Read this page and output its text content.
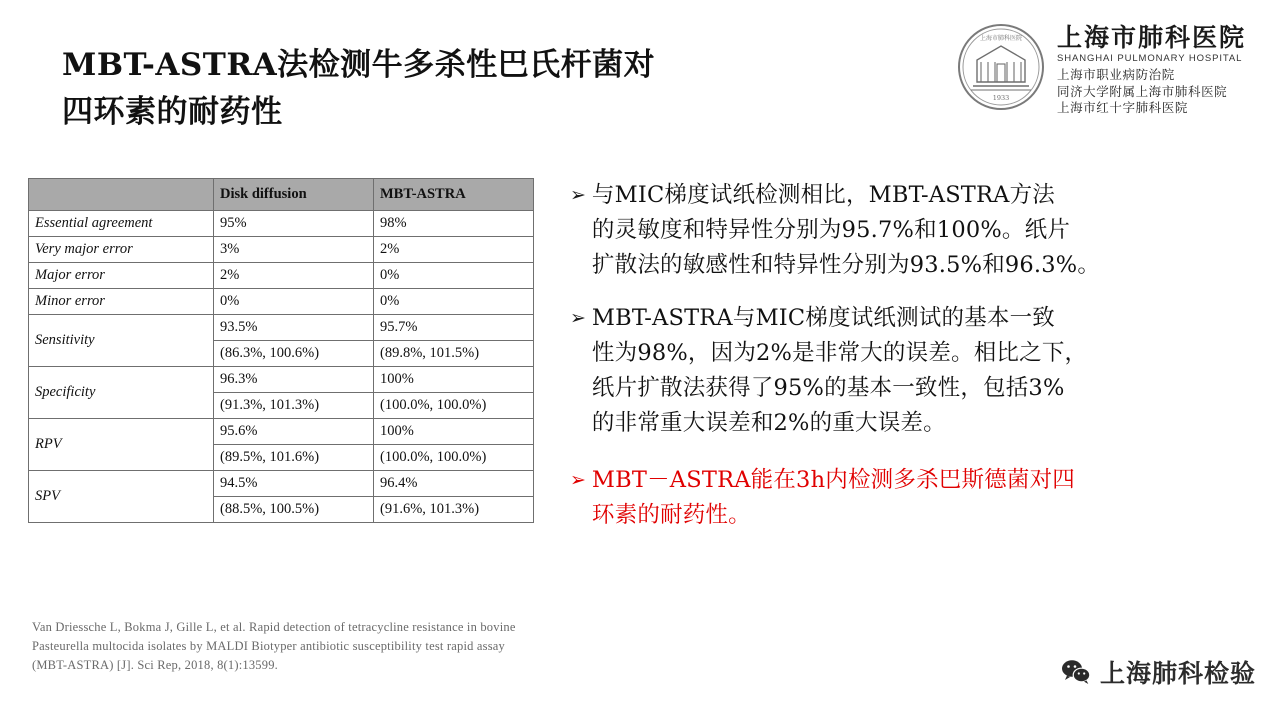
MBT-ASTRA法检测牛多杀性巴氏杆菌对
四环素的耐药性	1933
上海市肺科医院 上海市肺科医院
SHANGHAI PULMONARY HOSPITAL
上海市职业病防治院
同济大学附属上海市肺科医院
上海市红十字肺科医院
	Disk diffusion	MBT-ASTRA
Essential agreement	95%	98%
Very major error	3%	2%
Major error	2%	0%
Minor error	0%	0%
Sensitivity	93.5%	95.7%
	(86.3%, 100.6%)	(89.8%, 101.5%)
Specificity	96.3%	100%
	(91.3%, 101.3%)	(100.0%, 100.0%)
RPV	95.6%	100%
	(89.5%, 101.6%)	(100.0%, 100.0%)
SPV	94.5%	96.4%
	(88.5%, 100.5%)	(91.6%, 101.3%)
Van Driessche L, Bokma J, Gille L, et al. Rapid detection of tetracycline resistance in bovine
Pasteurella multocida isolates by MALDI Biotyper antibiotic susceptibility test rapid assay
(MBT-ASTRA) [J]. Sci Rep, 2018, 8(1):13599.
➢ 与MIC梯度试纸检测相比，MBT-ASTRA方法
的灵敏度和特异性分别为95.7%和100%。纸片
扩散法的敏感性和特异性分别为93.5%和96.3%。
➢ MBT-ASTRA与MIC梯度试纸测试的基本一致
性为98%，因为2%是非常大的误差。相比之下，
纸片扩散法获得了95%的基本一致性，包括3%
的非常重大误差和2%的重大误差。
➢ MBT－ASTRA能在3h内检测多杀巴斯德菌对四
环素的耐药性。
上海肺科检验
